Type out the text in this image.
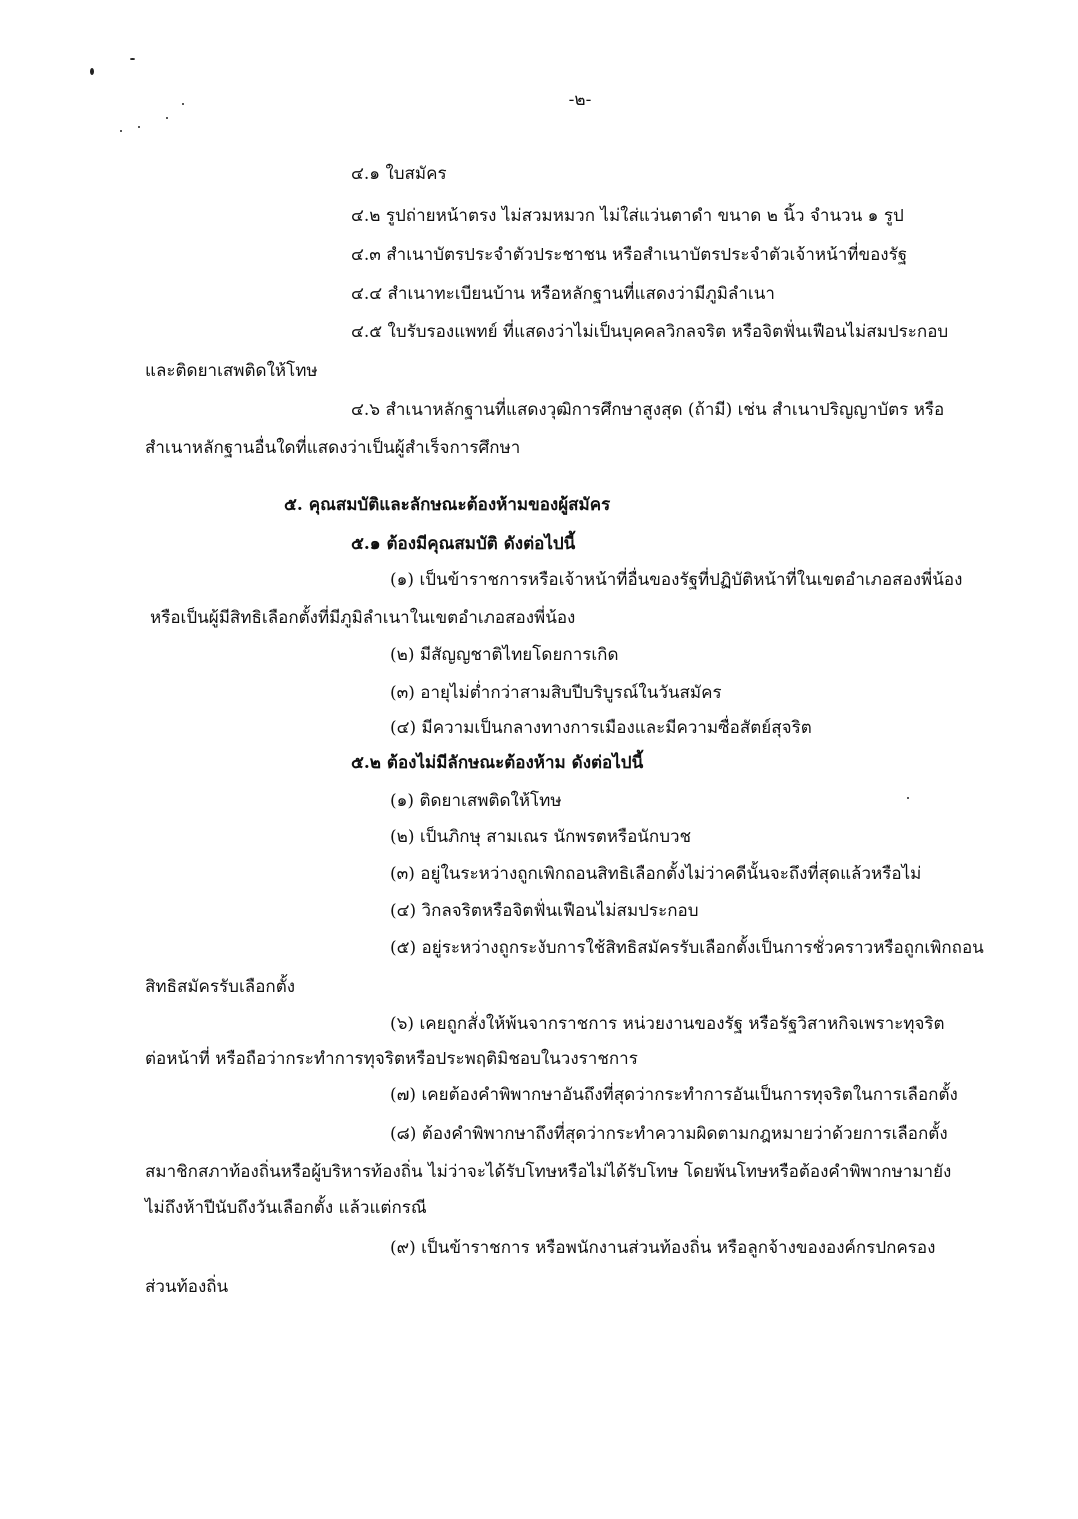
-๒-
๔.๑ ใบสมัคร
๔.๒ รูปถ่ายหน้าตรง ไม่สวมหมวก ไม่ใส่แว่นตาดำ ขนาด ๒ นิ้ว จำนวน ๑ รูป
๔.๓ สำเนาบัตรประจำตัวประชาชน หรือสำเนาบัตรประจำตัวเจ้าหน้าที่ของรัฐ
๔.๔ สำเนาทะเบียนบ้าน หรือหลักฐานที่แสดงว่ามีภูมิลำเนา
๔.๕ ใบรับรองแพทย์ ที่แสดงว่าไม่เป็นบุคคลวิกลจริต หรือจิตฟั่นเฟือนไม่สมประกอบ
และติดยาเสพติดให้โทษ
๔.๖ สำเนาหลักฐานที่แสดงวุฒิการศึกษาสูงสุด (ถ้ามี) เช่น สำเนาปริญญาบัตร หรือ
สำเนาหลักฐานอื่นใดที่แสดงว่าเป็นผู้สำเร็จการศึกษา
๕. คุณสมบัติและลักษณะต้องห้ามของผู้สมัคร
๕.๑ ต้องมีคุณสมบัติ ดังต่อไปนี้
(๑) เป็นข้าราชการหรือเจ้าหน้าที่อื่นของรัฐที่ปฏิบัติหน้าที่ในเขตอำเภอสองพี่น้อง
หรือเป็นผู้มีสิทธิเลือกตั้งที่มีภูมิลำเนาในเขตอำเภอสองพี่น้อง
(๒) มีสัญญชาติไทยโดยการเกิด
(๓) อายุไม่ต่ำกว่าสามสิบปีบริบูรณ์ในวันสมัคร
(๔) มีความเป็นกลางทางการเมืองและมีความซื่อสัตย์สุจริต
๕.๒ ต้องไม่มีลักษณะต้องห้าม ดังต่อไปนี้
(๑) ติดยาเสพติดให้โทษ
(๒) เป็นภิกษุ สามเณร นักพรตหรือนักบวช
(๓) อยู่ในระหว่างถูกเพิกถอนสิทธิเลือกตั้งไม่ว่าคดีนั้นจะถึงที่สุดแล้วหรือไม่
(๔) วิกลจริตหรือจิตฟั่นเฟือนไม่สมประกอบ
(๕) อยู่ระหว่างถูกระงับการใช้สิทธิสมัครรับเลือกตั้งเป็นการชั่วคราวหรือถูกเพิกถอน
สิทธิสมัครรับเลือกตั้ง
(๖) เคยถูกสั่งให้พ้นจากราชการ หน่วยงานของรัฐ หรือรัฐวิสาหกิจเพราะทุจริต
ต่อหน้าที่ หรือถือว่ากระทำการทุจริตหรือประพฤติมิชอบในวงราชการ
(๗) เคยต้องคำพิพากษาอันถึงที่สุดว่ากระทำการอันเป็นการทุจริตในการเลือกตั้ง
(๘) ต้องคำพิพากษาถึงที่สุดว่ากระทำความผิดตามกฎหมายว่าด้วยการเลือกตั้ง
สมาชิกสภาท้องถิ่นหรือผู้บริหารท้องถิ่น ไม่ว่าจะได้รับโทษหรือไม่ได้รับโทษ โดยพ้นโทษหรือต้องคำพิพากษามายัง
ไม่ถึงห้าปีนับถึงวันเลือกตั้ง แล้วแต่กรณี
(๙) เป็นข้าราชการ หรือพนักงานส่วนท้องถิ่น หรือลูกจ้างขององค์กรปกครอง
ส่วนท้องถิ่น
